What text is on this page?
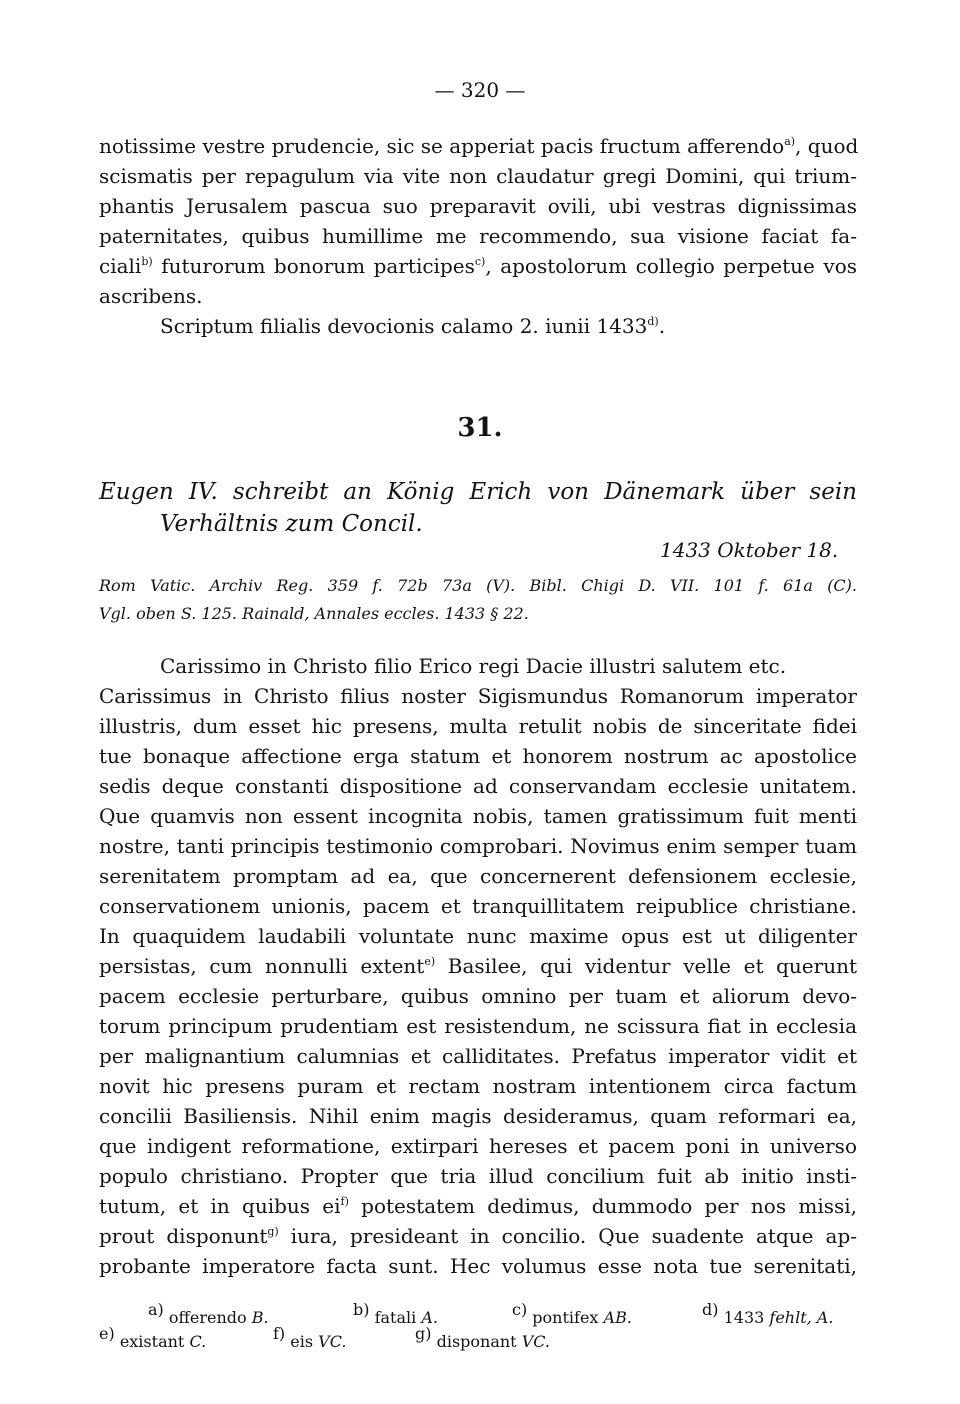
— 320 —
notissime vestre prudencie, sic se apperiat pacis fructum afferendo$^{a)}$, quod
scismatis per repagulum via vite non claudatur gregi Domini, qui trium-
phantis Jerusalem pascua suo preparavit ovili, ubi vestras dignissimas
paternitates, quibus humillime me recommendo, sua visione faciat fa-
ciali$^{b)}$ futurorum bonorum participes$^{c)}$, apostolorum collegio perpetue vos
ascribens.
Scriptum filialis devocionis calamo 2. iunii 1433$^{d)}$.
31.
Eugen IV. schreibt an König Erich von Dänemark über sein
Verhältnis zum Concil.
1433 Oktober 18.
Rom Vatic. Archiv Reg. 359 f. 72b 73a (V). Bibl. Chigi D. VII. 101 f. 61a (C).
Vgl. oben S. 125. Rainald, Annales eccles. 1433 § 22.
Carissimo in Christo filio Erico regi Dacie illustri salutem etc.
Carissimus in Christo filius noster Sigismundus Romanorum imperator
illustris, dum esset hic presens, multa retulit nobis de sinceritate fidei
tue bonaque affectione erga statum et honorem nostrum ac apostolice
sedis deque constanti dispositione ad conservandam ecclesie unitatem.
Que quamvis non essent incognita nobis, tamen gratissimum fuit menti
nostre, tanti principis testimonio comprobari. Novimus enim semper tuam
serenitatem promptam ad ea, que concernerent defensionem ecclesie,
conservationem unionis, pacem et tranquillitatem reipublice christiane.
In quaquidem laudabili voluntate nunc maxime opus est ut diligenter
persistas, cum nonnulli extent$^{e)}$ Basilee, qui videntur velle et querunt
pacem ecclesie perturbare, quibus omnino per tuam et aliorum devo-
torum principum prudentiam est resistendum, ne scissura fiat in ecclesia
per malignantium calumnias et calliditates. Prefatus imperator vidit et
novit hic presens puram et rectam nostram intentionem circa factum
concilii Basiliensis. Nihil enim magis desideramus, quam reformari ea,
que indigent reformatione, extirpari hereses et pacem poni in universo
populo christiano. Propter que tria illud concilium fuit ab initio insti-
tutum, et in quibus $ei^{f)}$ potestatem dedimus, dummodo per nos missi,
prout disponunt$^{g)}$ iura, presideant in concilio. Que suadente atque ap-
probante imperatore facta sunt. Hec volumus esse nota tue serenitati,
$^{a)}$ offerendo B.	$^{b)}$ fatali A.	$^{c)}$ pontifex AB.	$^{d)}$ 1433 fehlt, A.
$^{e)}$ existant C.	$^{f)}$ eis VC.	$^{g)}$ disponant VC.
